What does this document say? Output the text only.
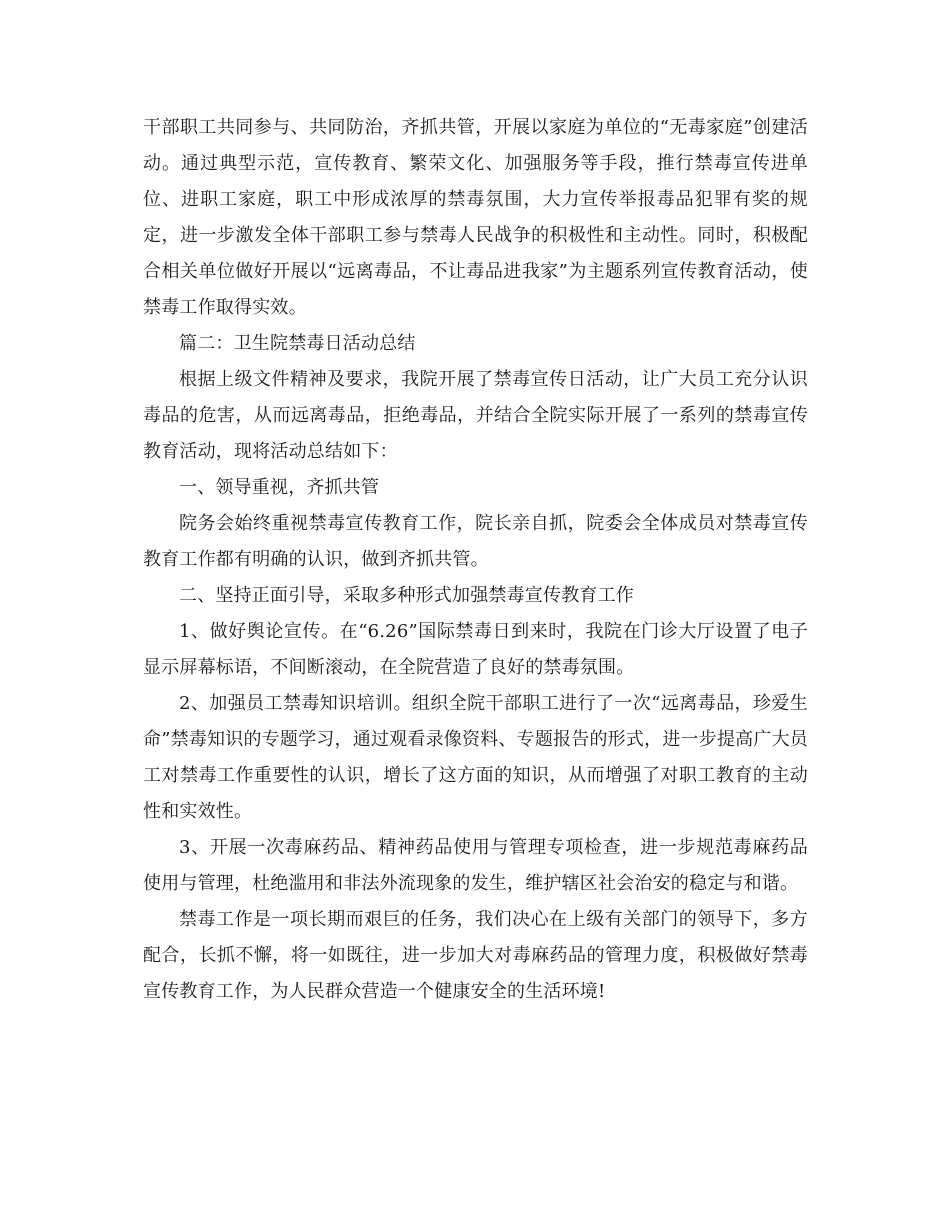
干部职工共同参与、共同防治，齐抓共管，开展以家庭为单位的“无毒家庭”创建活动。通过典型示范，宣传教育、繁荣文化、加强服务等手段，推行禁毒宣传进单位、进职工家庭，职工中形成浓厚的禁毒氛围，大力宣传举报毒品犯罪有奖的规定，进一步激发全体干部职工参与禁毒人民战争的积极性和主动性。同时，积极配合相关单位做好开展以“远离毒品，不让毒品进我家”为主题系列宣传教育活动，使禁毒工作取得实效。

篇二：卫生院禁毒日活动总结

根据上级文件精神及要求，我院开展了禁毒宣传日活动，让广大员工充分认识毒品的危害，从而远离毒品，拒绝毒品，并结合全院实际开展了一系列的禁毒宣传教育活动，现将活动总结如下：

一、领导重视，齐抓共管

院务会始终重视禁毒宣传教育工作，院长亲自抓，院委会全体成员对禁毒宣传教育工作都有明确的认识，做到齐抓共管。

二、坚持正面引导，采取多种形式加强禁毒宣传教育工作

1、做好舆论宣传。在“6.26”国际禁毒日到来时，我院在门诊大厅设置了电子显示屏幕标语，不间断滚动，在全院营造了良好的禁毒氛围。

2、加强员工禁毒知识培训。组织全院干部职工进行了一次“远离毒品，珍爱生命”禁毒知识的专题学习，通过观看录像资料、专题报告的形式，进一步提高广大员工对禁毒工作重要性的认识，增长了这方面的知识，从而增强了对职工教育的主动性和实效性。

3、开展一次毒麻药品、精神药品使用与管理专项检查，进一步规范毒麻药品使用与管理，杜绝滥用和非法外流现象的发生，维护辖区社会治安的稳定与和谐。

禁毒工作是一项长期而艰巨的任务，我们决心在上级有关部门的领导下，多方配合，长抓不懈，将一如既往，进一步加大对毒麻药品的管理力度，积极做好禁毒宣传教育工作，为人民群众营造一个健康安全的生活环境!
